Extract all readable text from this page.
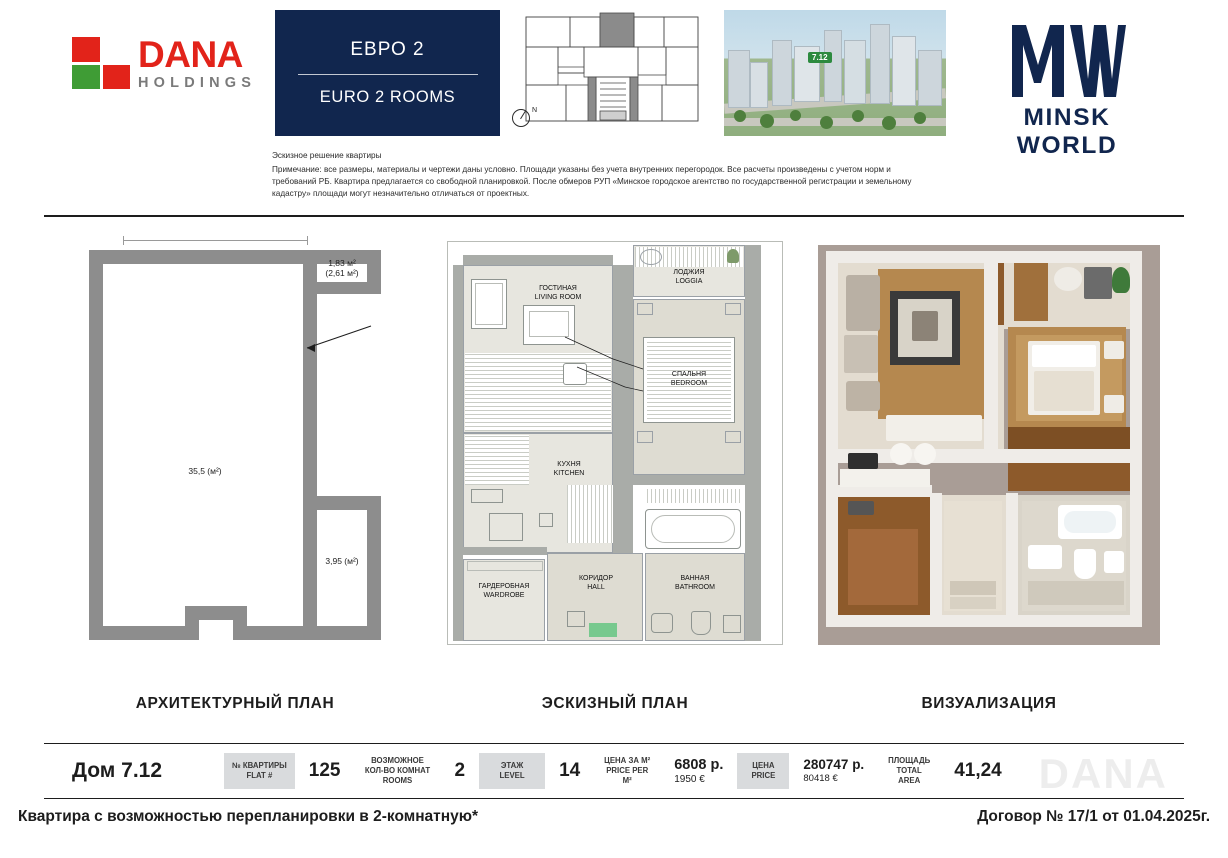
DANA
HOLDINGS
ЕВРО 2
EURO 2 ROOMS
N
7.12
MINSK WORLD
Эскизное решение квартиры
Примечание: все размеры, материалы и чертежи даны условно. Площади указаны без учета внутренних перегородок. Все расчеты произведены с учетом норм и требований РБ. Квартира предлагается со свободной планировкой. После обмеров РУП «Минское городское агентство по государственной регистрации и земельному кадастру» площади могут незначительно отличаться от проектных.
1,83 м²
(2,61 м²)
35,5 (м²)
3,95 (м²)
АРХИТЕКТУРНЫЙ ПЛАН
ЛОДЖИЯ
LOGGIA
ГОСТИНАЯ
LIVING ROOM
СПАЛЬНЯ
BEDROOM
КУХНЯ
KITCHEN
КОРИДОР
HALL
ГАРДЕРОБНАЯ
WARDROBE
ВАННАЯ
BATHROOM
ЭСКИЗНЫЙ ПЛАН	ВИЗУАЛИЗАЦИЯ
DANA
Дом 7.12	№ КВАРТИРЫ
FLAT #	125	ВОЗМОЖНОЕ КОЛ-ВО КОМНАТ
ROOMS	2	ЭТАЖ
LEVEL	14	ЦЕНА ЗА М²
PRICE PER M²
6808 р.
1950 €
ЦЕНА
PRICE
280747 р.
80418 €
ПЛОЩАДЬ
TOTAL AREA	41,24
Квартира с возможностью перепланировки в 2-комнатную*	Договор № 17/1 от 01.04.2025г.
